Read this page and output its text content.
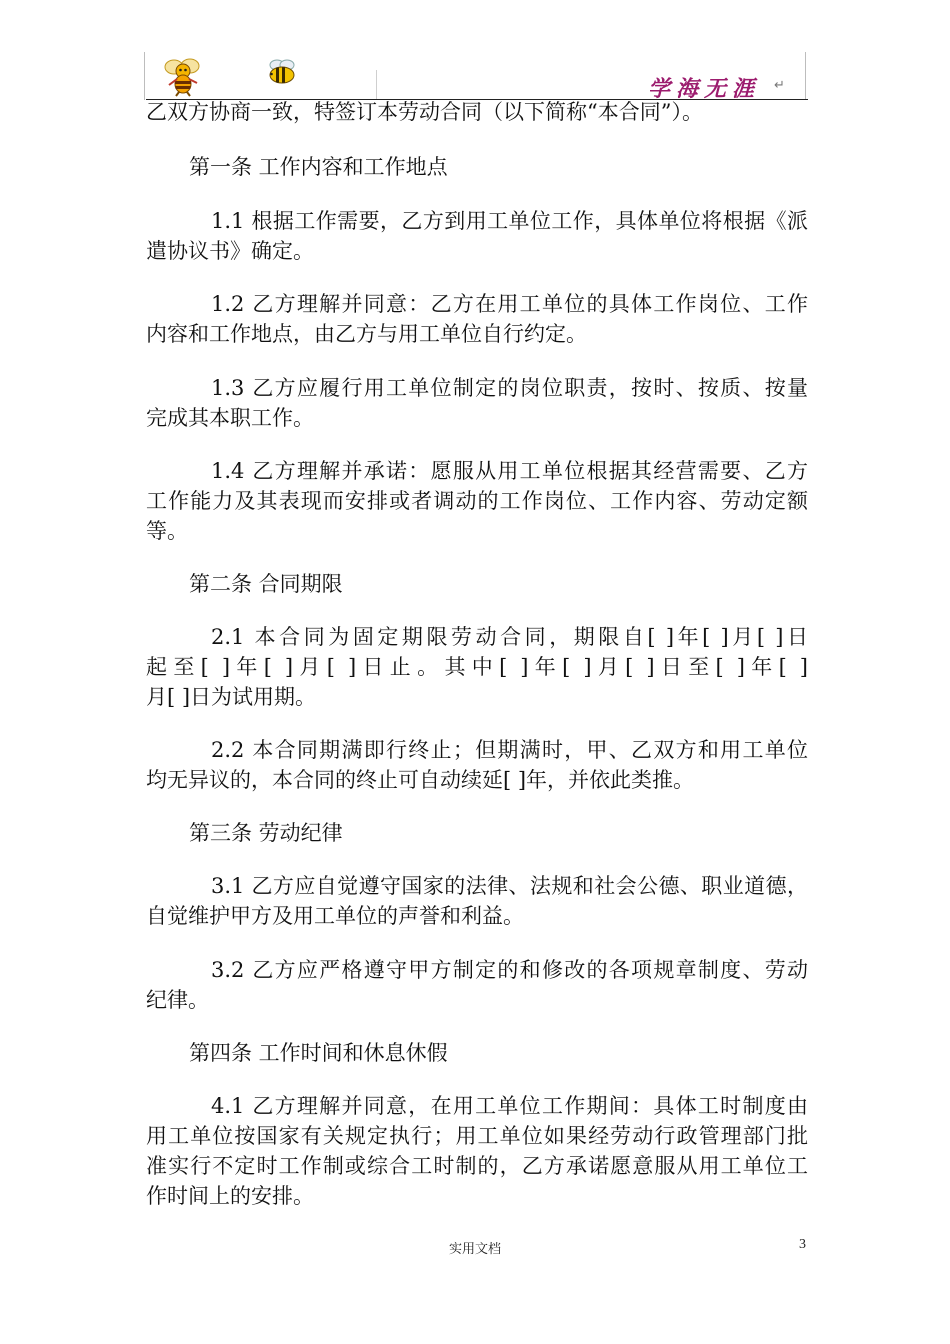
学海无涯 ↵
乙双方协商一致，特签订本劳动合同（以下简称“本合同”）。
第一条 工作内容和工作地点
1.1 根据工作需要，乙方到用工单位工作，具体单位将根据《派
遣协议书》确定。
1.2 乙方理解并同意：乙方在用工单位的具体工作岗位、工作
内容和工作地点，由乙方与用工单位自行约定。
1.3 乙方应履行用工单位制定的岗位职责，按时、按质、按量
完成其本职工作。
1.4 乙方理解并承诺：愿服从用工单位根据其经营需要、乙方
工作能力及其表现而安排或者调动的工作岗位、工作内容、劳动定额
等。
第二条 合同期限
2.1 本合同为固定期限劳动合同，期限自[ ]年[ ]月[ ]日
起至[ ]年[ ]月[ ]日止。其中[ ]年[ ]月[ ]日至[ ]年[ ]
月[ ]日为试用期。
2.2 本合同期满即行终止；但期满时，甲、乙双方和用工单位
均无异议的，本合同的终止可自动续延[ ]年，并依此类推。
第三条 劳动纪律
3.1 乙方应自觉遵守国家的法律、法规和社会公德、职业道德，
自觉维护甲方及用工单位的声誉和利益。
3.2 乙方应严格遵守甲方制定的和修改的各项规章制度、劳动
纪律。
第四条 工作时间和休息休假
4.1 乙方理解并同意，在用工单位工作期间：具体工时制度由
用工单位按国家有关规定执行；用工单位如果经劳动行政管理部门批
准实行不定时工作制或综合工时制的，乙方承诺愿意服从用工单位工
作时间上的安排。
实用文档	3
